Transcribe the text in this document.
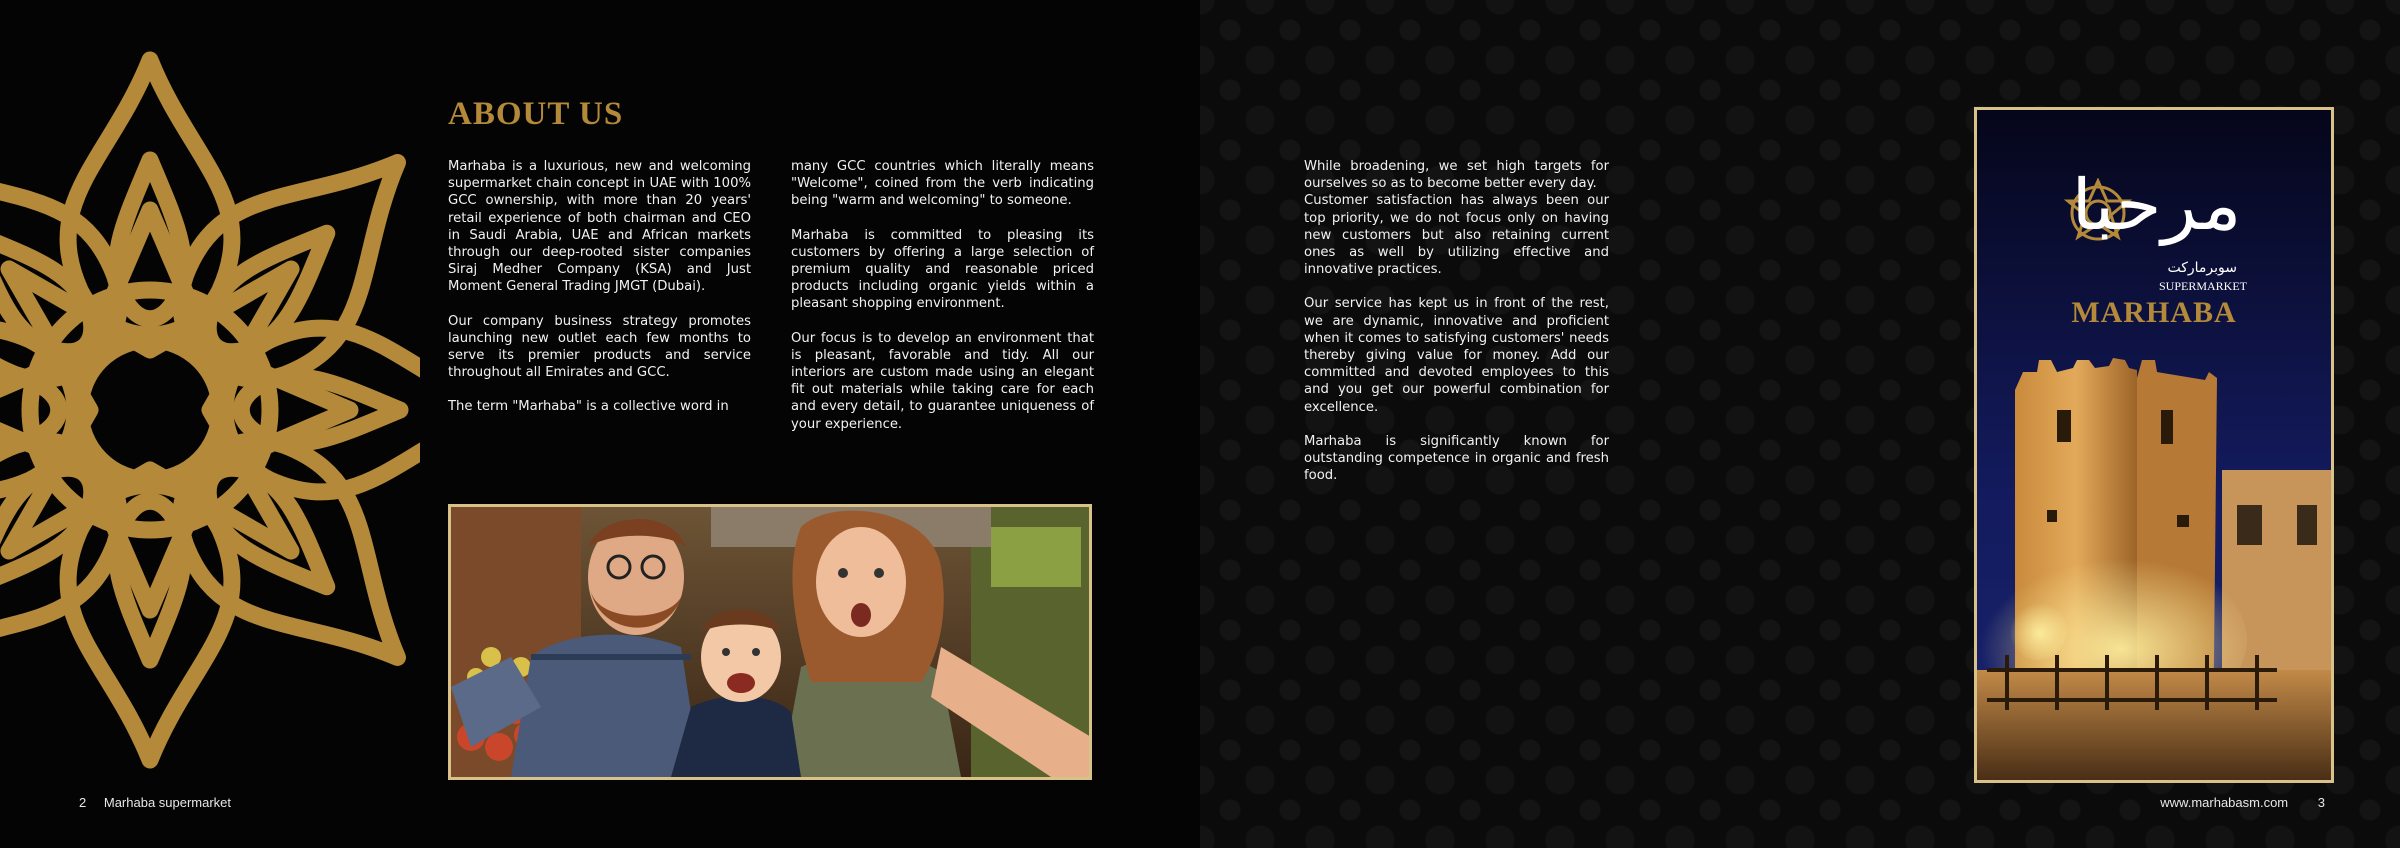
ABOUT US

Marhaba is a luxurious, new and welcoming supermarket chain concept in UAE with 100% GCC ownership, with more than 20 years' retail experience of both chairman and CEO in Saudi Arabia, UAE and African markets through our deep-rooted sister companies Siraj Medher Company (KSA) and Just Moment General Trading JMGT (Dubai).

Our company business strategy promotes launching new outlet each few months to serve its premier products and service throughout all Emirates and GCC.

The term "Marhaba" is a collective word in

many GCC countries which literally means "Welcome", coined from the verb indicating being "warm and welcoming" to someone.

Marhaba is committed to pleasing its customers by offering a large selection of premium quality and reasonable priced products including organic yields within a pleasant shopping environment.

Our focus is to develop an environment that is pleasant, favorable and tidy. All our interiors are custom made using an elegant fit out materials while taking care for each and every detail, to guarantee uniqueness of your experience.

2 Marhaba supermarket

While broadening, we set high targets for ourselves so as to become better every day.
Customer satisfaction has always been our top priority, we do not focus only on having new customers but also retaining current ones as well by utilizing effective and innovative practices.

Our service has kept us in front of the rest, we are dynamic, innovative and proficient when it comes to satisfying customers' needs thereby giving value for money. Add our committed and devoted employees to this and you get our powerful combination for excellence.

Marhaba is significantly known for outstanding competence in organic and fresh food.

مرحبا
سوبرماركت
SUPERMARKET
MARHABA
www.marhabasm.com 3
